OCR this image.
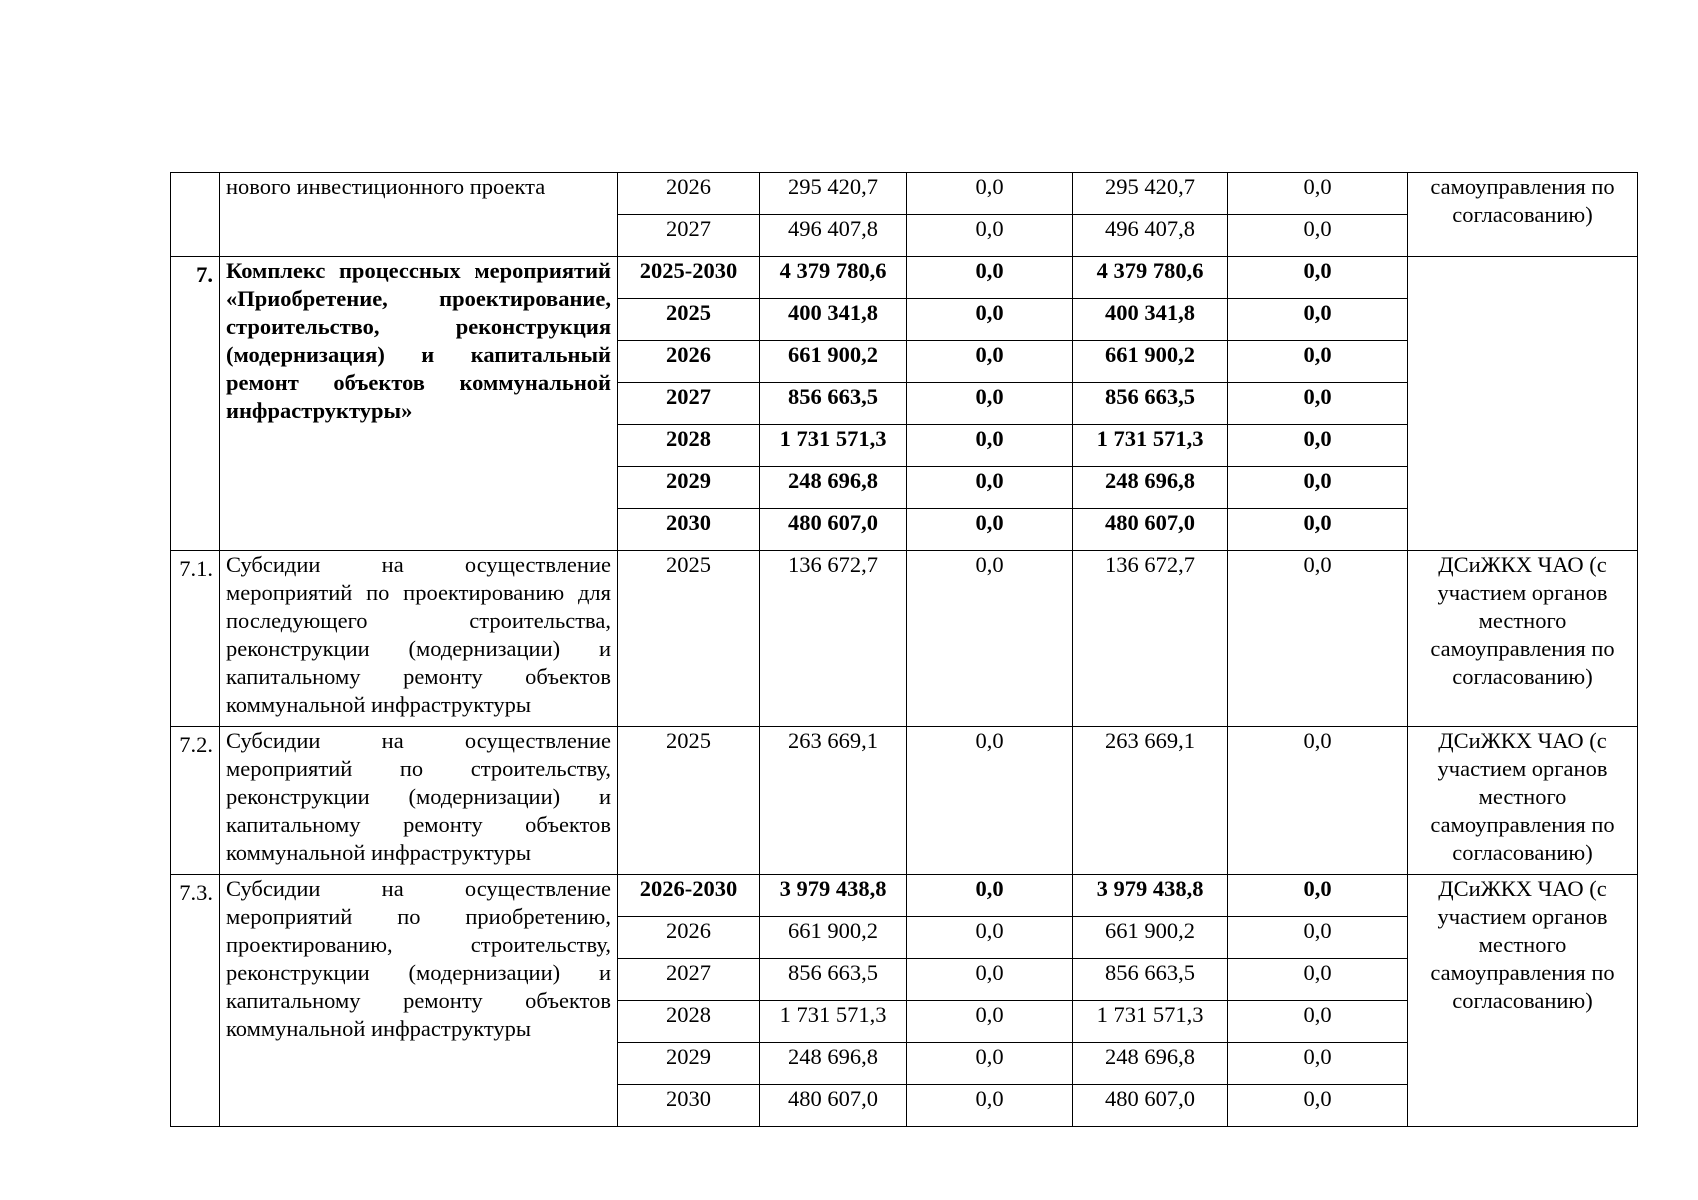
	нового инвестиционного проекта	2026	295 420,7	0,0	295 420,7	0,0	самоуправления по согласованию)
		2027	496 407,8	0,0	496 407,8	0,0	
7.	Комплекс процессных мероприятий «Приобретение, проектирование, строительство, реконструкция (модернизация) и капитальный ремонт объектов коммунальной инфраструктуры»	2025-2030	4 379 780,6	0,0	4 379 780,6	0,0	
		2025	400 341,8	0,0	400 341,8	0,0	
		2026	661 900,2	0,0	661 900,2	0,0	
		2027	856 663,5	0,0	856 663,5	0,0	
		2028	1 731 571,3	0,0	1 731 571,3	0,0	
		2029	248 696,8	0,0	248 696,8	0,0	
		2030	480 607,0	0,0	480 607,0	0,0	
7.1.	Субсидии на осуществление мероприятий по проектированию для последующего строительства, реконструкции (модернизации) и капитальному ремонту объектов коммунальной инфраструктуры	2025	136 672,7	0,0	136 672,7	0,0	ДСиЖКХ ЧАО (с участием органов местного самоуправления по согласованию)
7.2.	Субсидии на осуществление мероприятий по строительству, реконструкции (модернизации) и капитальному ремонту объектов коммунальной инфраструктуры	2025	263 669,1	0,0	263 669,1	0,0	ДСиЖКХ ЧАО (с участием органов местного самоуправления по согласованию)
7.3.	Субсидии на осуществление мероприятий по приобретению, проектированию, строительству, реконструкции (модернизации) и капитальному ремонту объектов коммунальной инфраструктуры	2026-2030	3 979 438,8	0,0	3 979 438,8	0,0	ДСиЖКХ ЧАО (с участием органов местного самоуправления по согласованию)
		2026	661 900,2	0,0	661 900,2	0,0	
		2027	856 663,5	0,0	856 663,5	0,0	
		2028	1 731 571,3	0,0	1 731 571,3	0,0	
		2029	248 696,8	0,0	248 696,8	0,0	
		2030	480 607,0	0,0	480 607,0	0,0	
